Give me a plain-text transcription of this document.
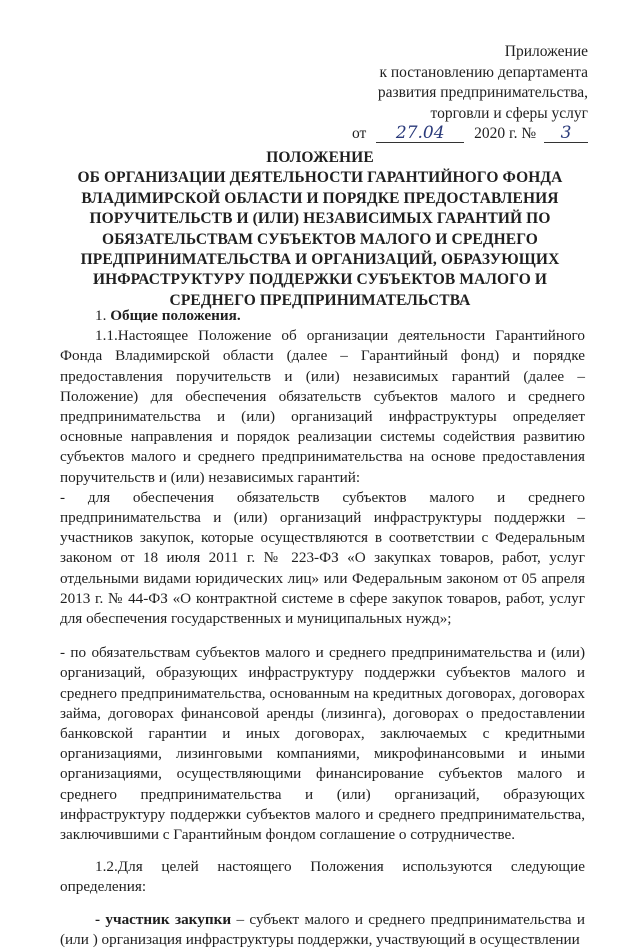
Приложение
к постановлению департамента
развития предпринимательства,
торговли и сферы услуг
от 27.04 2020 г. № 3
ПОЛОЖЕНИЕ
ОБ ОРГАНИЗАЦИИ ДЕЯТЕЛЬНОСТИ ГАРАНТИЙНОГО ФОНДА ВЛАДИМИРСКОЙ ОБЛАСТИ И ПОРЯДКЕ ПРЕДОСТАВЛЕНИЯ ПОРУЧИТЕЛЬСТВ И (ИЛИ) НЕЗАВИСИМЫХ ГАРАНТИЙ ПО ОБЯЗАТЕЛЬСТВАМ СУБЪЕКТОВ МАЛОГО И СРЕДНЕГО ПРЕДПРИНИМАТЕЛЬСТВА И ОРГАНИЗАЦИЙ, ОБРАЗУЮЩИХ ИНФРАСТРУКТУРУ ПОДДЕРЖКИ СУБЪЕКТОВ МАЛОГО И СРЕДНЕГО ПРЕДПРИНИМАТЕЛЬСТВА

1. Общие положения.

1.1.Настоящее Положение об организации деятельности Гарантийного Фонда Владимирской области (далее – Гарантийный фонд) и порядке предоставления поручительств и (или) независимых гарантий (далее – Положение) для обеспечения обязательств субъектов малого и среднего предпринимательства и (или) организаций инфраструктуры определяет основные направления и порядок реализации системы содействия развитию субъектов малого и среднего предпринимательства на основе предоставления поручительств и (или) независимых гарантий:

- для обеспечения обязательств субъектов малого и среднего предпринимательства и (или) организаций инфраструктуры поддержки – участников закупок, которые осуществляются в соответствии с Федеральным законом от 18 июля 2011 г. № 223-ФЗ «О закупках товаров, работ, услуг отдельными видами юридических лиц» или Федеральным законом от 05 апреля 2013 г. № 44-ФЗ «О контрактной системе в сфере закупок товаров, работ, услуг для обеспечения государственных и муниципальных нужд»;

- по обязательствам субъектов малого и среднего предпринимательства и (или) организаций, образующих инфраструктуру поддержки субъектов малого и среднего предпринимательства, основанным на кредитных договорах, договорах займа, договорах финансовой аренды (лизинга), договорах о предоставлении банковской гарантии и иных договорах, заключаемых с кредитными организациями, лизинговыми компаниями, микрофинансовыми и иными организациями, осуществляющими финансирование субъектов малого и среднего предпринимательства и (или) организаций, образующих инфраструктуру поддержки субъектов малого и среднего предпринимательства, заключившими с Гарантийным фондом соглашение о сотрудничестве.

1.2.Для целей настоящего Положения используются следующие определения:

- участник закупки – субъект малого и среднего предпринимательства и (или ) организация инфраструктуры поддержки, участвующий в осуществлении
